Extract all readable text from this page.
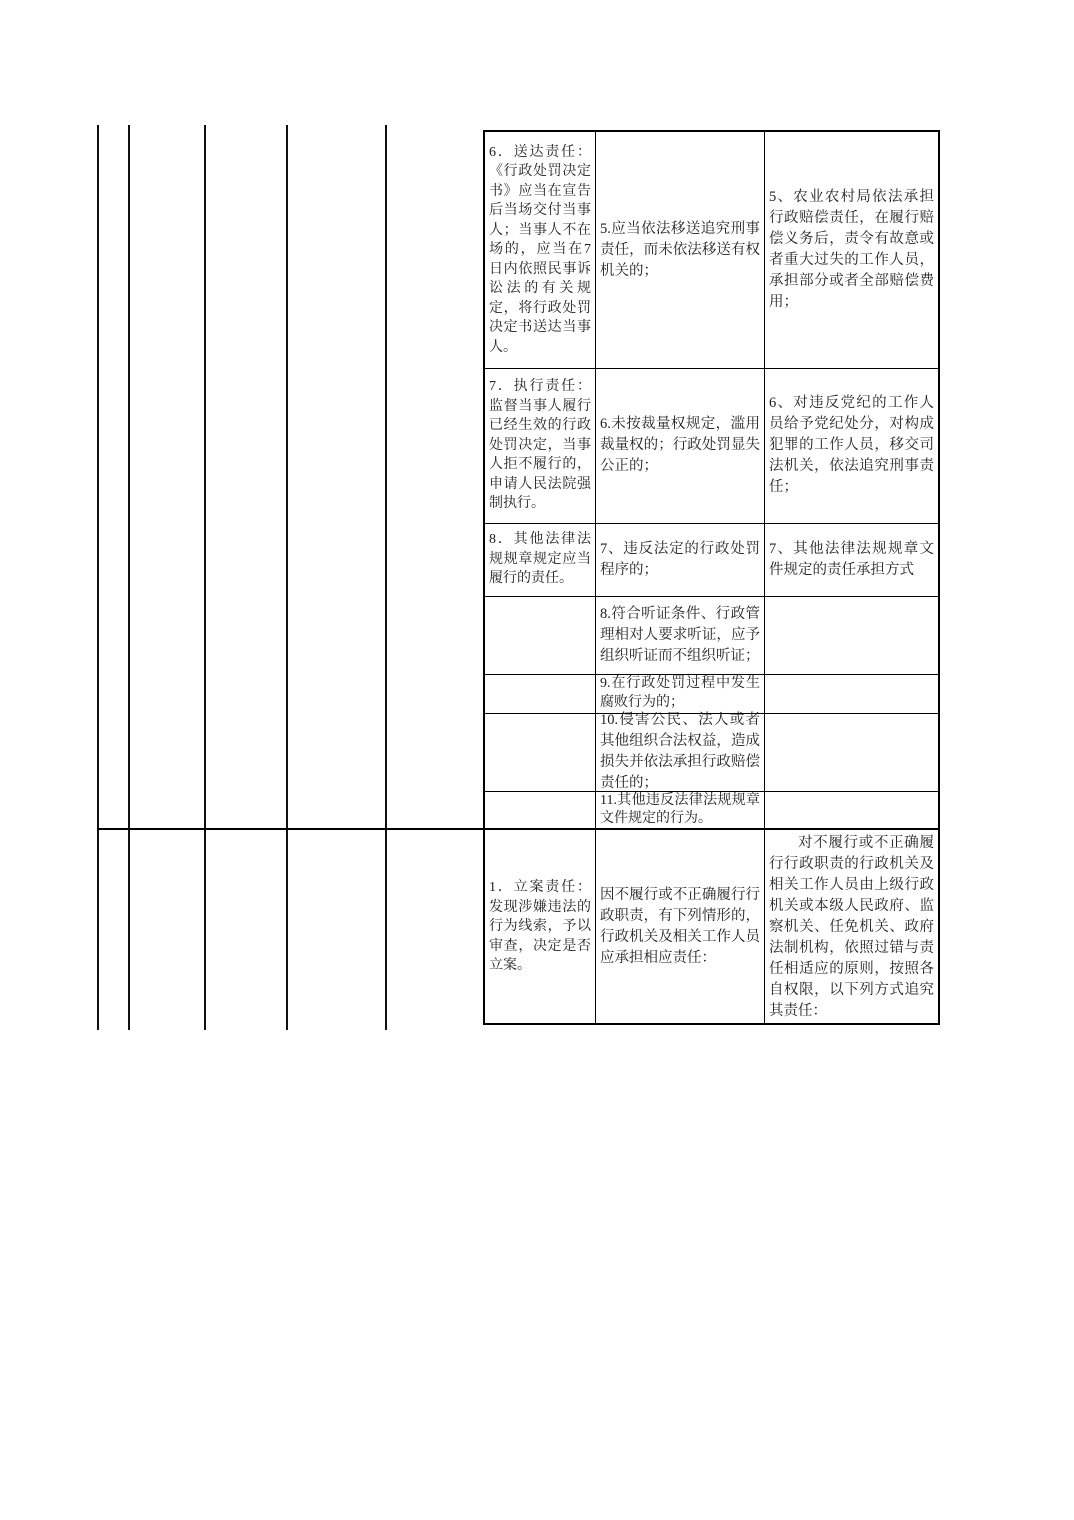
6．送达责任：《行政处罚决定书》应当在宣告后当场交付当事人；当事人不在场的，应当在7日内依照民事诉讼法的有关规定，将行政处罚决定书送达当事人。
7．执行责任：监督当事人履行已经生效的行政处罚决定，当事人拒不履行的，申请人民法院强制执行。
8．其他法律法规规章规定应当履行的责任。
1．立案责任：发现涉嫌违法的行为线索，予以审查，决定是否立案。
5.应当依法移送追究刑事责任，而未依法移送有权机关的；
6.未按裁量权规定，滥用裁量权的；行政处罚显失公正的；
7、违反法定的行政处罚程序的；
8.符合听证条件、行政管理相对人要求听证，应予组织听证而不组织听证；
9.在行政处罚过程中发生腐败行为的；
10.侵害公民、法人或者其他组织合法权益，造成损失并依法承担行政赔偿责任的；
11.其他违反法律法规规章文件规定的行为。
因不履行或不正确履行行政职责，有下列情形的，行政机关及相关工作人员应承担相应责任：
5、农业农村局依法承担行政赔偿责任，在履行赔偿义务后，责令有故意或者重大过失的工作人员，承担部分或者全部赔偿费用；
6、对违反党纪的工作人员给予党纪处分，对构成犯罪的工作人员，移交司法机关，依法追究刑事责任；
7、其他法律法规规章文件规定的责任承担方式
对不履行或不正确履行行政职责的行政机关及相关工作人员由上级行政机关或本级人民政府、监察机关、任免机关、政府法制机构，依照过错与责任相适应的原则，按照各自权限，以下列方式追究其责任：
